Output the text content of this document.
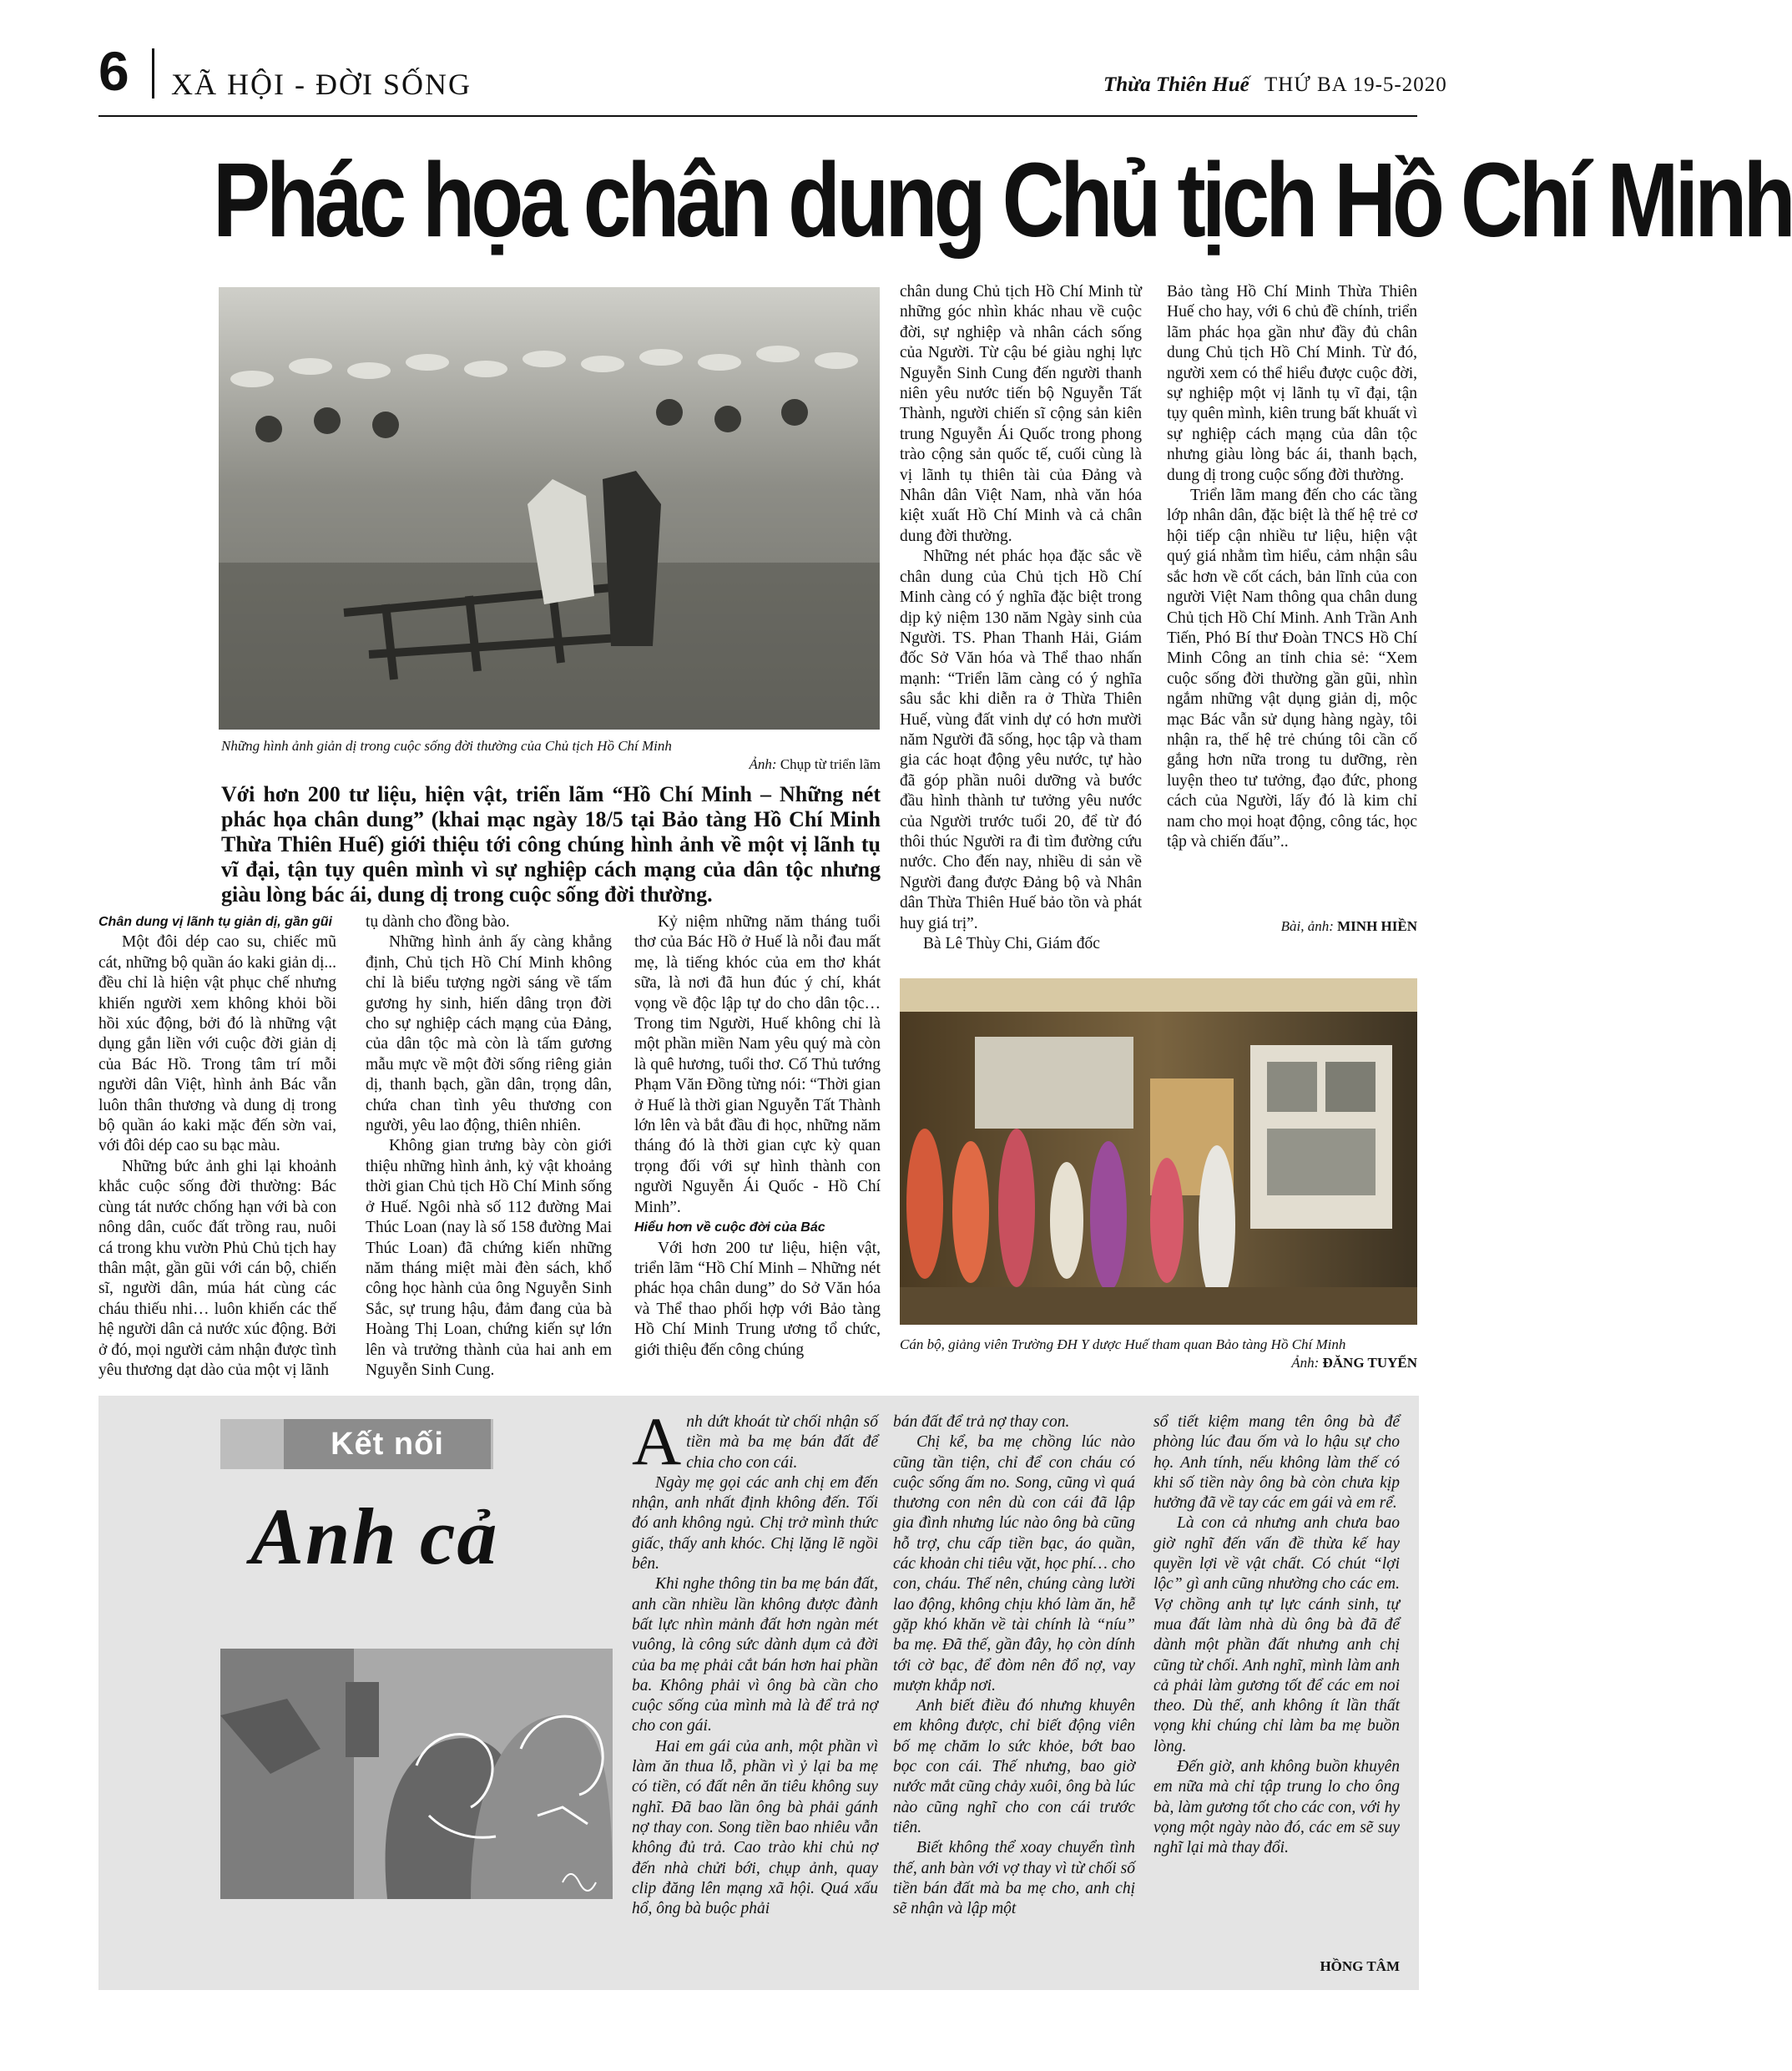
6 XÃ HỘI - ĐỜI SỐNG	Thừa Thiên Huế THỨ BA 19-5-2020
Phác họa chân dung Chủ tịch Hồ Chí Minh
Những hình ảnh giản dị trong cuộc sống đời thường của Chủ tịch Hồ Chí Minh
Ảnh: Chụp từ triển lãm
Với hơn 200 tư liệu, hiện vật, triển lãm “Hồ Chí Minh – Những nét phác họa chân dung” (khai mạc ngày 18/5 tại Bảo tàng Hồ Chí Minh Thừa Thiên Huế) giới thiệu tới công chúng hình ảnh về một vị lãnh tụ vĩ đại, tận tụy quên mình vì sự nghiệp cách mạng của dân tộc nhưng giàu lòng bác ái, dung dị trong cuộc sống đời thường.

Chân dung vị lãnh tụ giản dị, gần gũi

Một đôi dép cao su, chiếc mũ cát, những bộ quần áo kaki giản dị... đều chỉ là hiện vật phục chế nhưng khiến người xem không khỏi bồi hồi xúc động, bởi đó là những vật dụng gắn liền với cuộc đời giản dị của Bác Hồ. Trong tâm trí mỗi người dân Việt, hình ảnh Bác vẫn luôn thân thương và dung dị trong bộ quần áo kaki mặc đến sờn vai, với đôi dép cao su bạc màu.

Những bức ảnh ghi lại khoảnh khắc cuộc sống đời thường: Bác cùng tát nước chống hạn với bà con nông dân, cuốc đất trồng rau, nuôi cá trong khu vườn Phủ Chủ tịch hay thân mật, gần gũi với cán bộ, chiến sĩ, người dân, múa hát cùng các cháu thiếu nhi… luôn khiến các thế hệ người dân cả nước xúc động. Bởi ở đó, mọi người cảm nhận được tình yêu thương dạt dào của một vị lãnh

tụ dành cho đồng bào.

Những hình ảnh ấy càng khẳng định, Chủ tịch Hồ Chí Minh không chỉ là biểu tượng ngời sáng về tấm gương hy sinh, hiến dâng trọn đời cho sự nghiệp cách mạng của Đảng, của dân tộc mà còn là tấm gương mẫu mực về một đời sống riêng giản dị, thanh bạch, gần dân, trọng dân, chứa chan tình yêu thương con người, yêu lao động, thiên nhiên.

Không gian trưng bày còn giới thiệu những hình ảnh, kỷ vật khoảng thời gian Chủ tịch Hồ Chí Minh sống ở Huế. Ngôi nhà số 112 đường Mai Thúc Loan (nay là số 158 đường Mai Thúc Loan) đã chứng kiến những năm tháng miệt mài đèn sách, khổ công học hành của ông Nguyễn Sinh Sắc, sự trung hậu, đảm đang của bà Hoàng Thị Loan, chứng kiến sự lớn lên và trưởng thành của hai anh em Nguyễn Sinh Cung.

Kỷ niệm những năm tháng tuổi thơ của Bác Hồ ở Huế là nỗi đau mất mẹ, là tiếng khóc của em thơ khát sữa, là nơi đã hun đúc ý chí, khát vọng về độc lập tự do cho dân tộc… Trong tim Người, Huế không chỉ là một phần miền Nam yêu quý mà còn là quê hương, tuổi thơ. Cố Thủ tướng Phạm Văn Đồng từng nói: “Thời gian ở Huế là thời gian Nguyễn Tất Thành lớn lên và bắt đầu đi học, những năm tháng đó là thời gian cực kỳ quan trọng đối với sự hình thành con người Nguyễn Ái Quốc - Hồ Chí Minh”.

Hiểu hơn về cuộc đời của Bác

Với hơn 200 tư liệu, hiện vật, triển lãm “Hồ Chí Minh – Những nét phác họa chân dung” do Sở Văn hóa và Thể thao phối hợp với Bảo tàng Hồ Chí Minh Trung ương tổ chức, giới thiệu đến công chúng

chân dung Chủ tịch Hồ Chí Minh từ những góc nhìn khác nhau về cuộc đời, sự nghiệp và nhân cách sống của Người. Từ cậu bé giàu nghị lực Nguyễn Sinh Cung đến người thanh niên yêu nước tiến bộ Nguyễn Tất Thành, người chiến sĩ cộng sản kiên trung Nguyễn Ái Quốc trong phong trào cộng sản quốc tế, cuối cùng là vị lãnh tụ thiên tài của Đảng và Nhân dân Việt Nam, nhà văn hóa kiệt xuất Hồ Chí Minh và cả chân dung đời thường.

Những nét phác họa đặc sắc về chân dung của Chủ tịch Hồ Chí Minh càng có ý nghĩa đặc biệt trong dịp kỷ niệm 130 năm Ngày sinh của Người. TS. Phan Thanh Hải, Giám đốc Sở Văn hóa và Thể thao nhấn mạnh: “Triển lãm càng có ý nghĩa sâu sắc khi diễn ra ở Thừa Thiên Huế, vùng đất vinh dự có hơn mười năm Người đã sống, học tập và tham gia các hoạt động yêu nước, tự hào đã góp phần nuôi dưỡng và bước đầu hình thành tư tưởng yêu nước của Người trước tuổi 20, để từ đó thôi thúc Người ra đi tìm đường cứu nước. Cho đến nay, nhiều di sản về Người đang được Đảng bộ và Nhân dân Thừa Thiên Huế bảo tồn và phát huy giá trị”.

Bà Lê Thùy Chi, Giám đốc

Bảo tàng Hồ Chí Minh Thừa Thiên Huế cho hay, với 6 chủ đề chính, triển lãm phác họa gần như đầy đủ chân dung Chủ tịch Hồ Chí Minh. Từ đó, người xem có thể hiểu được cuộc đời, sự nghiệp một vị lãnh tụ vĩ đại, tận tụy quên mình, kiên trung bất khuất vì sự nghiệp cách mạng của dân tộc nhưng giàu lòng bác ái, thanh bạch, dung dị trong cuộc sống đời thường.

Triển lãm mang đến cho các tầng lớp nhân dân, đặc biệt là thế hệ trẻ cơ hội tiếp cận nhiều tư liệu, hiện vật quý giá nhằm tìm hiểu, cảm nhận sâu sắc hơn về cốt cách, bản lĩnh của con người Việt Nam thông qua chân dung Chủ tịch Hồ Chí Minh. Anh Trần Anh Tiến, Phó Bí thư Đoàn TNCS Hồ Chí Minh Công an tỉnh chia sẻ: “Xem cuộc sống đời thường gần gũi, nhìn ngắm những vật dụng giản dị, mộc mạc Bác vẫn sử dụng hàng ngày, tôi nhận ra, thế hệ trẻ chúng tôi cần cố gắng hơn nữa trong tu dưỡng, rèn luyện theo tư tưởng, đạo đức, phong cách của Người, lấy đó là kim chỉ nam cho mọi hoạt động, công tác, học tập và chiến đấu”..

Bài, ảnh: MINH HIỀN
Cán bộ, giảng viên Trường ĐH Y dược Huế tham quan Bảo tàng Hồ Chí Minh
Ảnh: ĐĂNG TUYỂN
Kết nối
Anh cả

Anh dứt khoát từ chối nhận số tiền mà ba mẹ bán đất để chia cho con cái.

Ngày mẹ gọi các anh chị em đến nhận, anh nhất định không đến. Tối đó anh không ngủ. Chị trở mình thức giấc, thấy anh khóc. Chị lặng lẽ ngồi bên.

Khi nghe thông tin ba mẹ bán đất, anh cần nhiều lần không được đành bất lực nhìn mảnh đất hơn ngàn mét vuông, là công sức dành dụm cả đời của ba mẹ phải cắt bán hơn hai phần ba. Không phải vì ông bà cần cho cuộc sống của mình mà là để trả nợ cho con gái.

Hai em gái của anh, một phần vì làm ăn thua lỗ, phần vì ỷ lại ba mẹ có tiền, có đất nên ăn tiêu không suy nghĩ. Đã bao lần ông bà phải gánh nợ thay con. Song tiền bao nhiêu vẫn không đủ trả. Cao trào khi chủ nợ đến nhà chửi bới, chụp ảnh, quay clip đăng lên mạng xã hội. Quá xấu hổ, ông bà buộc phải

bán đất để trả nợ thay con.

Chị kể, ba mẹ chồng lúc nào cũng tần tiện, chỉ để con cháu có cuộc sống ấm no. Song, cũng vì quá thương con nên dù con cái đã lập gia đình nhưng lúc nào ông bà cũng hỗ trợ, chu cấp tiền bạc, áo quần, các khoản chi tiêu vặt, học phí… cho con, cháu. Thế nên, chúng càng lười lao động, không chịu khó làm ăn, hễ gặp khó khăn về tài chính là “níu” ba mẹ. Đã thế, gần đây, họ còn dính tới cờ bạc, để đòm nên đổ nợ, vay mượn khắp nơi.

Anh biết điều đó nhưng khuyên em không được, chỉ biết động viên bố mẹ chăm lo sức khỏe, bớt bao bọc con cái. Thế nhưng, bao giờ nước mắt cũng chảy xuôi, ông bà lúc nào cũng nghĩ cho con cái trước tiên.

Biết không thể xoay chuyển tình thế, anh bàn với vợ thay vì từ chối số tiền bán đất mà ba mẹ cho, anh chị sẽ nhận và lập một

sổ tiết kiệm mang tên ông bà để phòng lúc đau ốm và lo hậu sự cho họ. Anh tính, nếu không làm thế có khi số tiền này ông bà còn chưa kịp hưởng đã về tay các em gái và em rể.

Là con cả nhưng anh chưa bao giờ nghĩ đến vấn đề thừa kế hay quyền lợi về vật chất. Có chút “lợi lộc” gì anh cũng nhường cho các em. Vợ chồng anh tự lực cánh sinh, tự mua đất làm nhà dù ông bà đã để dành một phần đất nhưng anh chị cũng từ chối. Anh nghĩ, mình làm anh cả phải làm gương tốt để các em noi theo. Dù thế, anh không ít lần thất vọng khi chúng chỉ làm ba mẹ buồn lòng.

Đến giờ, anh không buồn khuyên em nữa mà chỉ tập trung lo cho ông bà, làm gương tốt cho các con, với hy vọng một ngày nào đó, các em sẽ suy nghĩ lại mà thay đổi.

HỒNG TÂM
